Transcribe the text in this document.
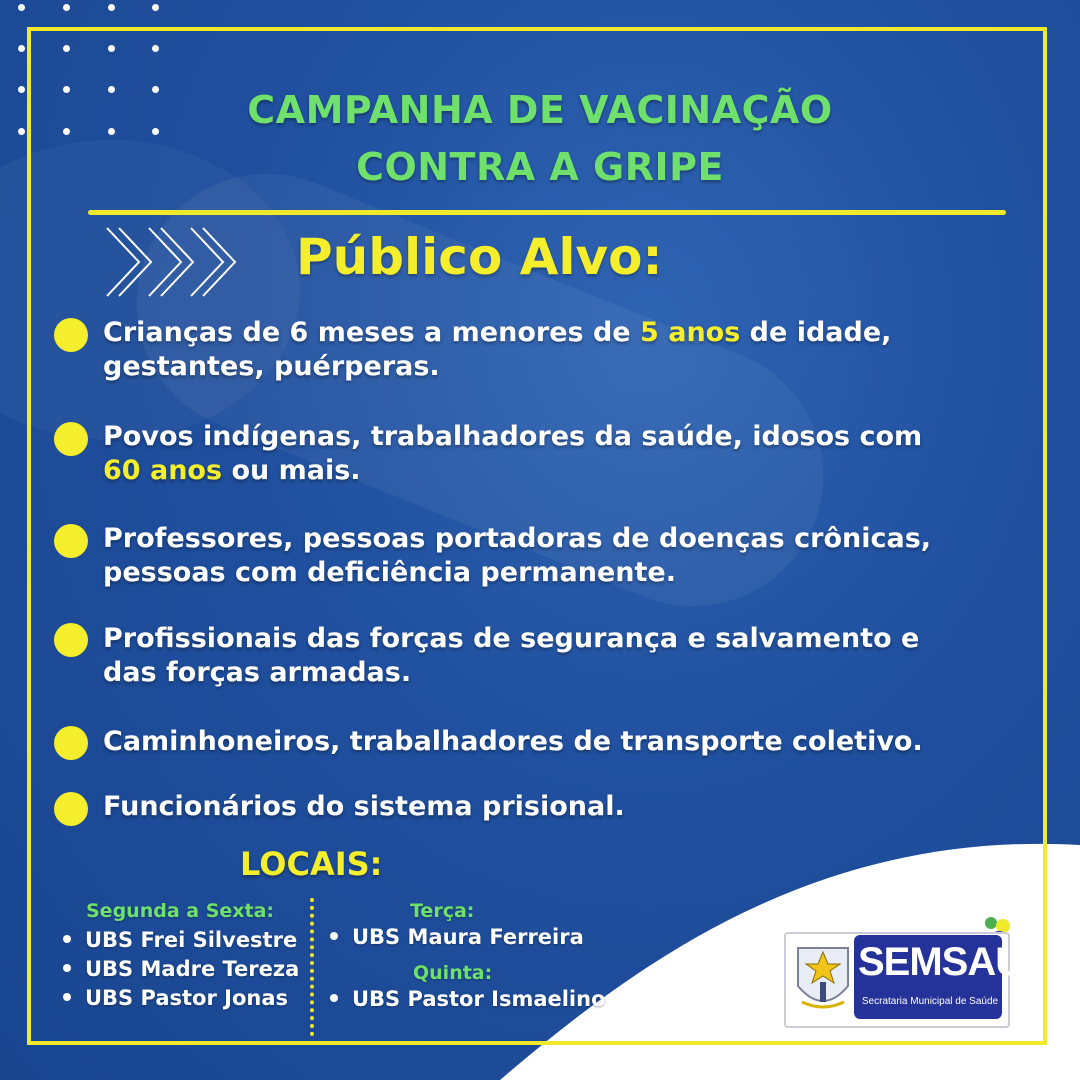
CAMPANHA DE VACINAÇÃO
CONTRA A GRIPE
Público Alvo:
Crianças de 6 meses a menores de 5 anos de idade,
gestantes, puérperas.
Povos indígenas, trabalhadores da saúde, idosos com
60 anos ou mais.
Professores, pessoas portadoras de doenças crônicas,
pessoas com deficiência permanente.
Profissionais das forças de segurança e salvamento e
das forças armadas.
Caminhoneiros, trabalhadores de transporte coletivo.
Funcionários do sistema prisional.
LOCAIS:
Segunda a Sexta:
UBS Frei Silvestre
UBS Madre Tereza
UBS Pastor Jonas
Terça:
UBS Maura Ferreira
Quinta:
UBS Pastor Ismaelino
SEMSAU
Secrataria Municipal de Saúde
